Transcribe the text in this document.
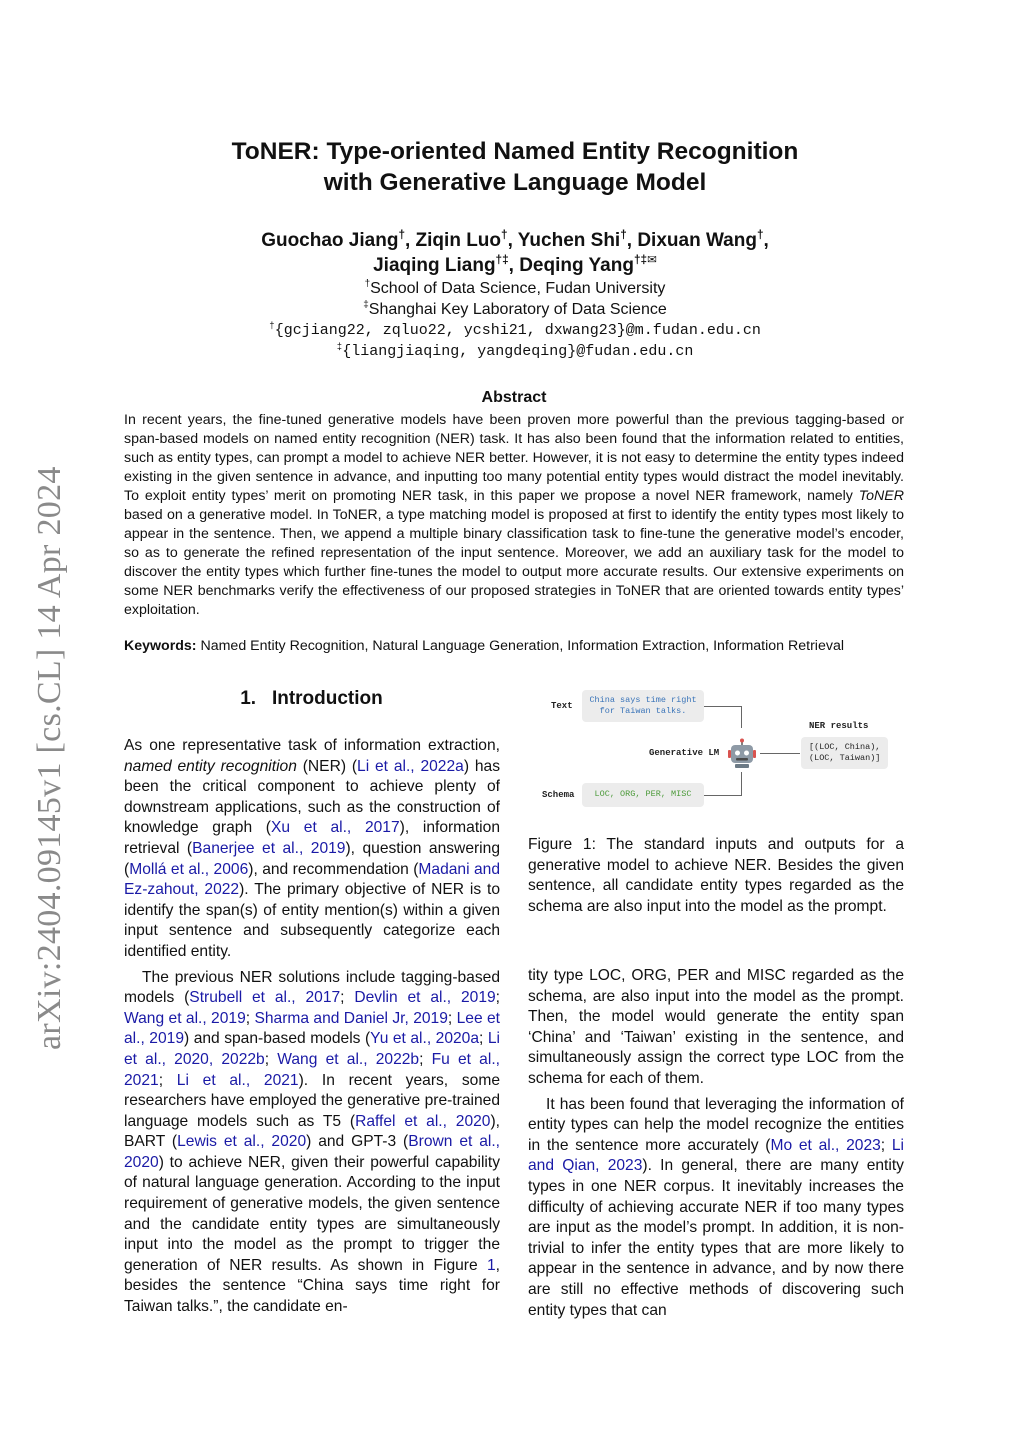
arXiv:2404.09145v1 [cs.CL] 14 Apr 2024
ToNER: Type-oriented Named Entity Recognition
with Generative Language Model
Guochao Jiang†, Ziqin Luo†, Yuchen Shi†, Dixuan Wang†,
Jiaqing Liang†‡, Deqing Yang†‡✉
†School of Data Science, Fudan University
‡Shanghai Key Laboratory of Data Science
†{gcjiang22, zqluo22, ycshi21, dxwang23}@m.fudan.edu.cn
‡{liangjiaqing, yangdeqing}@fudan.edu.cn
Abstract
In recent years, the fine-tuned generative models have been proven more powerful than the previous tagging-based or span-based models on named entity recognition (NER) task. It has also been found that the information related to entities, such as entity types, can prompt a model to achieve NER better. However, it is not easy to determine the entity types indeed existing in the given sentence in advance, and inputting too many potential entity types would distract the model inevitably. To exploit entity types’ merit on promoting NER task, in this paper we propose a novel NER framework, namely ToNER based on a generative model. In ToNER, a type matching model is proposed at first to identify the entity types most likely to appear in the sentence. Then, we append a multiple binary classification task to fine-tune the generative model’s encoder, so as to generate the refined representation of the input sentence. Moreover, we add an auxiliary task for the model to discover the entity types which further fine-tunes the model to output more accurate results. Our extensive experiments on some NER benchmarks verify the effectiveness of our proposed strategies in ToNER that are oriented towards entity types’ exploitation.
Keywords: Named Entity Recognition, Natural Language Generation, Information Extraction, Information Retrieval
1. Introduction

As one representative task of information extraction, named entity recognition (NER) (Li et al., 2022a) has been the critical component to achieve plenty of downstream applications, such as the construction of knowledge graph (Xu et al., 2017), information retrieval (Banerjee et al., 2019), question answering (Mollá et al., 2006), and recommendation (Madani and Ez-zahout, 2022). The primary objective of NER is to identify the span(s) of entity mention(s) within a given input sentence and subsequently categorize each identified entity.

The previous NER solutions include tagging-based models (Strubell et al., 2017; Devlin et al., 2019; Wang et al., 2019; Sharma and Daniel Jr, 2019; Lee et al., 2019) and span-based models (Yu et al., 2020a; Li et al., 2020, 2022b; Wang et al., 2022b; Fu et al., 2021; Li et al., 2021). In recent years, some researchers have employed the generative pre-trained language models such as T5 (Raffel et al., 2020), BART (Lewis et al., 2020) and GPT-3 (Brown et al., 2020) to achieve NER, given their powerful capability of natural language generation. According to the input requirement of generative models, the given sentence and the candidate entity types are simultaneously input into the model as the prompt to trigger the generation of NER results. As shown in Figure 1, besides the sentence “China says time right for Taiwan talks.”, the candidate en-

Text
China says time right
for Taiwan talks.
Generative LM
Schema	LOC, ORG, PER, MISC
NER results
[(LOC, China),
(LOC, Taiwan)]
Figure 1: The standard inputs and outputs for a generative model to achieve NER. Besides the given sentence, all candidate entity types regarded as the schema are also input into the model as the prompt.

tity type LOC, ORG, PER and MISC regarded as the schema, are also input into the model as the prompt. Then, the model would generate the entity span ‘China’ and ‘Taiwan’ existing in the sentence, and simultaneously assign the correct type LOC from the schema for each of them.

It has been found that leveraging the information of entity types can help the model recognize the entities in the sentence more accurately (Mo et al., 2023; Li and Qian, 2023). In general, there are many entity types in one NER corpus. It inevitably increases the difficulty of achieving accurate NER if too many types are input as the model’s prompt. In addition, it is non-trivial to infer the entity types that are more likely to appear in the sentence in advance, and by now there are still no effective methods of discovering such entity types that can
